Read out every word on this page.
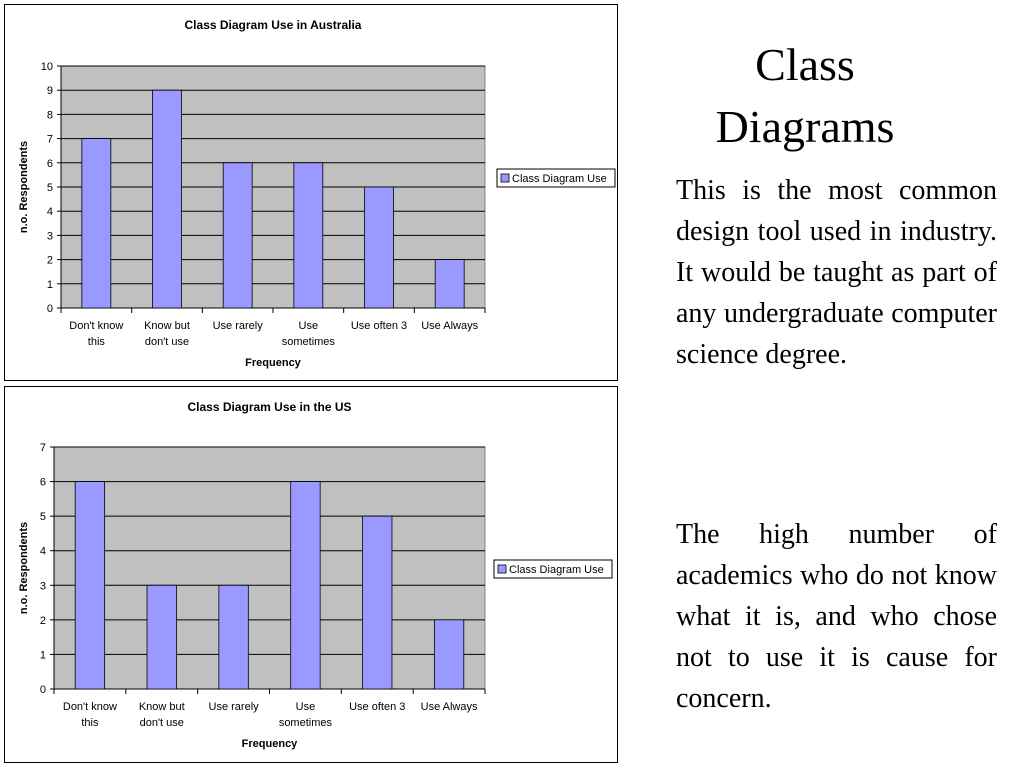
Class Diagram Use in Australia
0
1
2
3
4
5
6
7
8
9
10
Don't know this
Know but don't use
Use rarely	Use sometimes
Use often 3 Use Always
Frequency
n.o. Respondents	Class Diagram Use
Class Diagram Use in the US
0
1
2
3
4
5
6
7
Don't know this
Know but don't use
Use rarely	Use sometimes
Use often 3 Use Always
Frequency
n.o. Respondents	Class Diagram Use
Class
Diagrams

This is the most common design tool used in industry. It would be taught as part of any undergraduate computer science degree.

The high number of academics who do not know what it is, and who chose not to use it is cause for concern.
